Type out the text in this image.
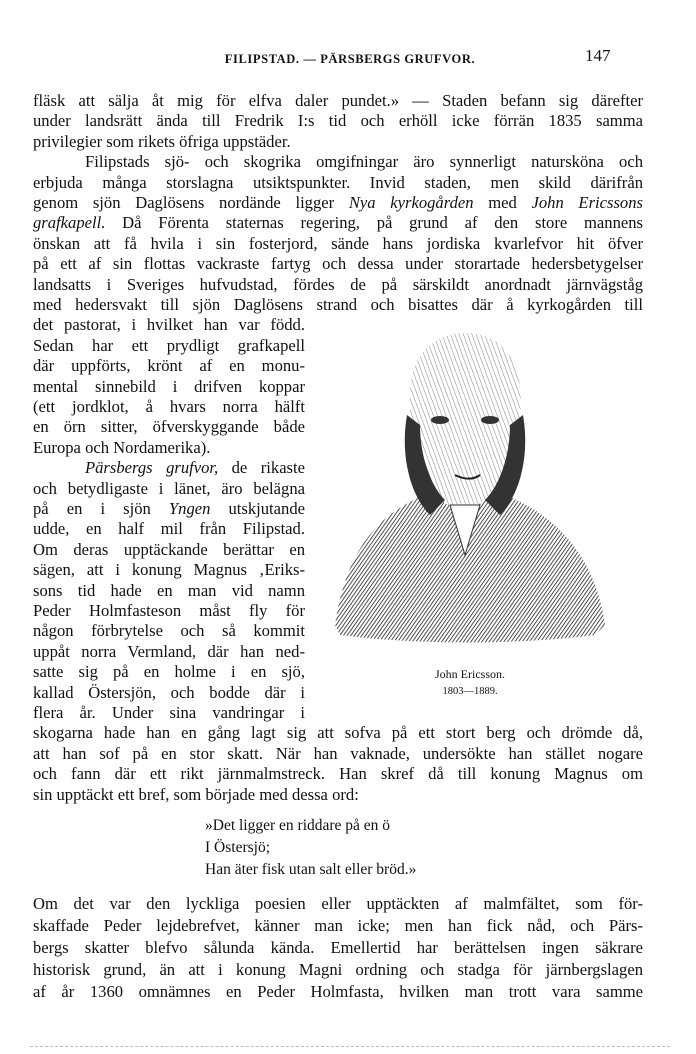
FILIPSTAD. — PÄRSBERGS GRUFVOR.	147
fläsk att sälja åt mig för elfva daler pundet.» — Staden befann sig därefter
under landsrätt ända till Fredrik I:s tid och erhöll icke förrän 1835 samma
privilegier som rikets öfriga uppstäder.
Filipstads sjö- och skogrika omgifningar äro synnerligt natursköna och
erbjuda många storslagna utsiktspunkter. Invid staden, men skild därifrån
genom sjön Daglösens nordände ligger Nya kyrkogården med John Ericssons
grafkapell. Då Förenta staternas regering, på grund af den store mannens
önskan att få hvila i sin fosterjord, sände hans jordiska kvarlefvor hit öfver
på ett af sin flottas vackraste fartyg och dessa under storartade hedersbetygelser
landsatts i Sveriges hufvudstad, fördes de på särskildt anordnadt järnvägståg
med hedersvakt till sjön Daglösens strand och bisattes där å kyrkogården till
det pastorat, i hvilket han var född.
Sedan har ett prydligt grafkapell
där uppförts, krönt af en monu-
mental sinnebild i drifven koppar
(ett jordklot, å hvars norra hälft
en örn sitter, öfverskyggande både
Europa och Nordamerika).
Pärsbergs grufvor, de rikaste
och betydligaste i länet, äro belägna
på en i sjön Yngen utskjutande
udde, en half mil från Filipstad.
Om deras upptäckande berättar en
sägen, att i konung Magnus ‚Eriks-
sons tid hade en man vid namn
Peder Holmfasteson måst fly för
någon förbrytelse och så kommit
uppåt norra Vermland, där han ned-
satte sig på en holme i en sjö,
kallad Östersjön, och bodde där i
flera år. Under sina vandringar i
skogarna hade han en gång lagt sig att sofva på ett stort berg och drömde då,
att han sof på en stor skatt. När han vaknade, undersökte han stället nogare
och fann där ett rikt järnmalmstreck. Han skref då till konung Magnus om
sin upptäckt ett bref, som började med dessa ord:
»Det ligger en riddare på en ö
I Östersjö;
Han äter fisk utan salt eller bröd.»
Om det var den lyckliga poesien eller upptäckten af malmfältet, som för-
skaffade Peder lejdebrefvet, känner man icke; men han fick nåd, och Pärs-
bergs skatter blefvo sålunda kända. Emellertid har berättelsen ingen säkrare
historisk grund, än att i konung Magni ordning och stadga för järnbergslagen
af år 1360 omnämnes en Peder Holmfasta, hvilken man trott vara samme
John Ericsson.
1803—1889.
